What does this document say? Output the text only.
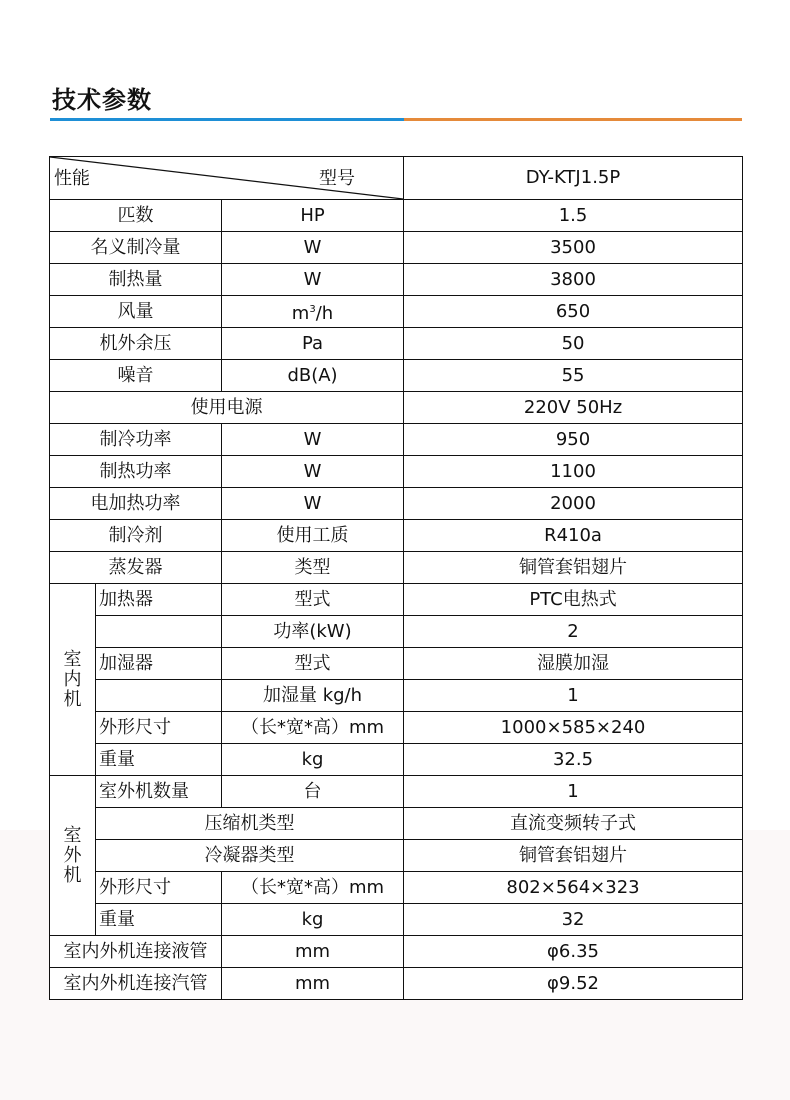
技术参数
性能 型号			DY-KTJ1.5P
匹数		HP	1.5
名义制冷量		W	3500
制热量		W	3800
风量		$m^3/h$	650
机外余压		Pa	50
噪音		dB(A)	55
使用电源			220V 50Hz
制冷功率		W	950
制热功率		W	1100
电加热功率		W	2000
制冷剂		使用工质	R410a
蒸发器		类型	铜管套铝翅片

室
内
机	加热器	型式	PTC电热式
		功率(kW)	2
	加湿器	型式	湿膜加湿
		加湿量 kg/h	1
	外形尺寸	（长*宽*高）mm	1000×585×240
	重量	kg	32.5

室
外
机	室外机数量	台	1
	压缩机类型		直流变频转子式
	冷凝器类型		铜管套铝翅片
	外形尺寸	（长*宽*高）mm	802×564×323
	重量	kg	32
室内外机连接液管		mm	φ6.35
室内外机连接汽管		mm	φ9.52
